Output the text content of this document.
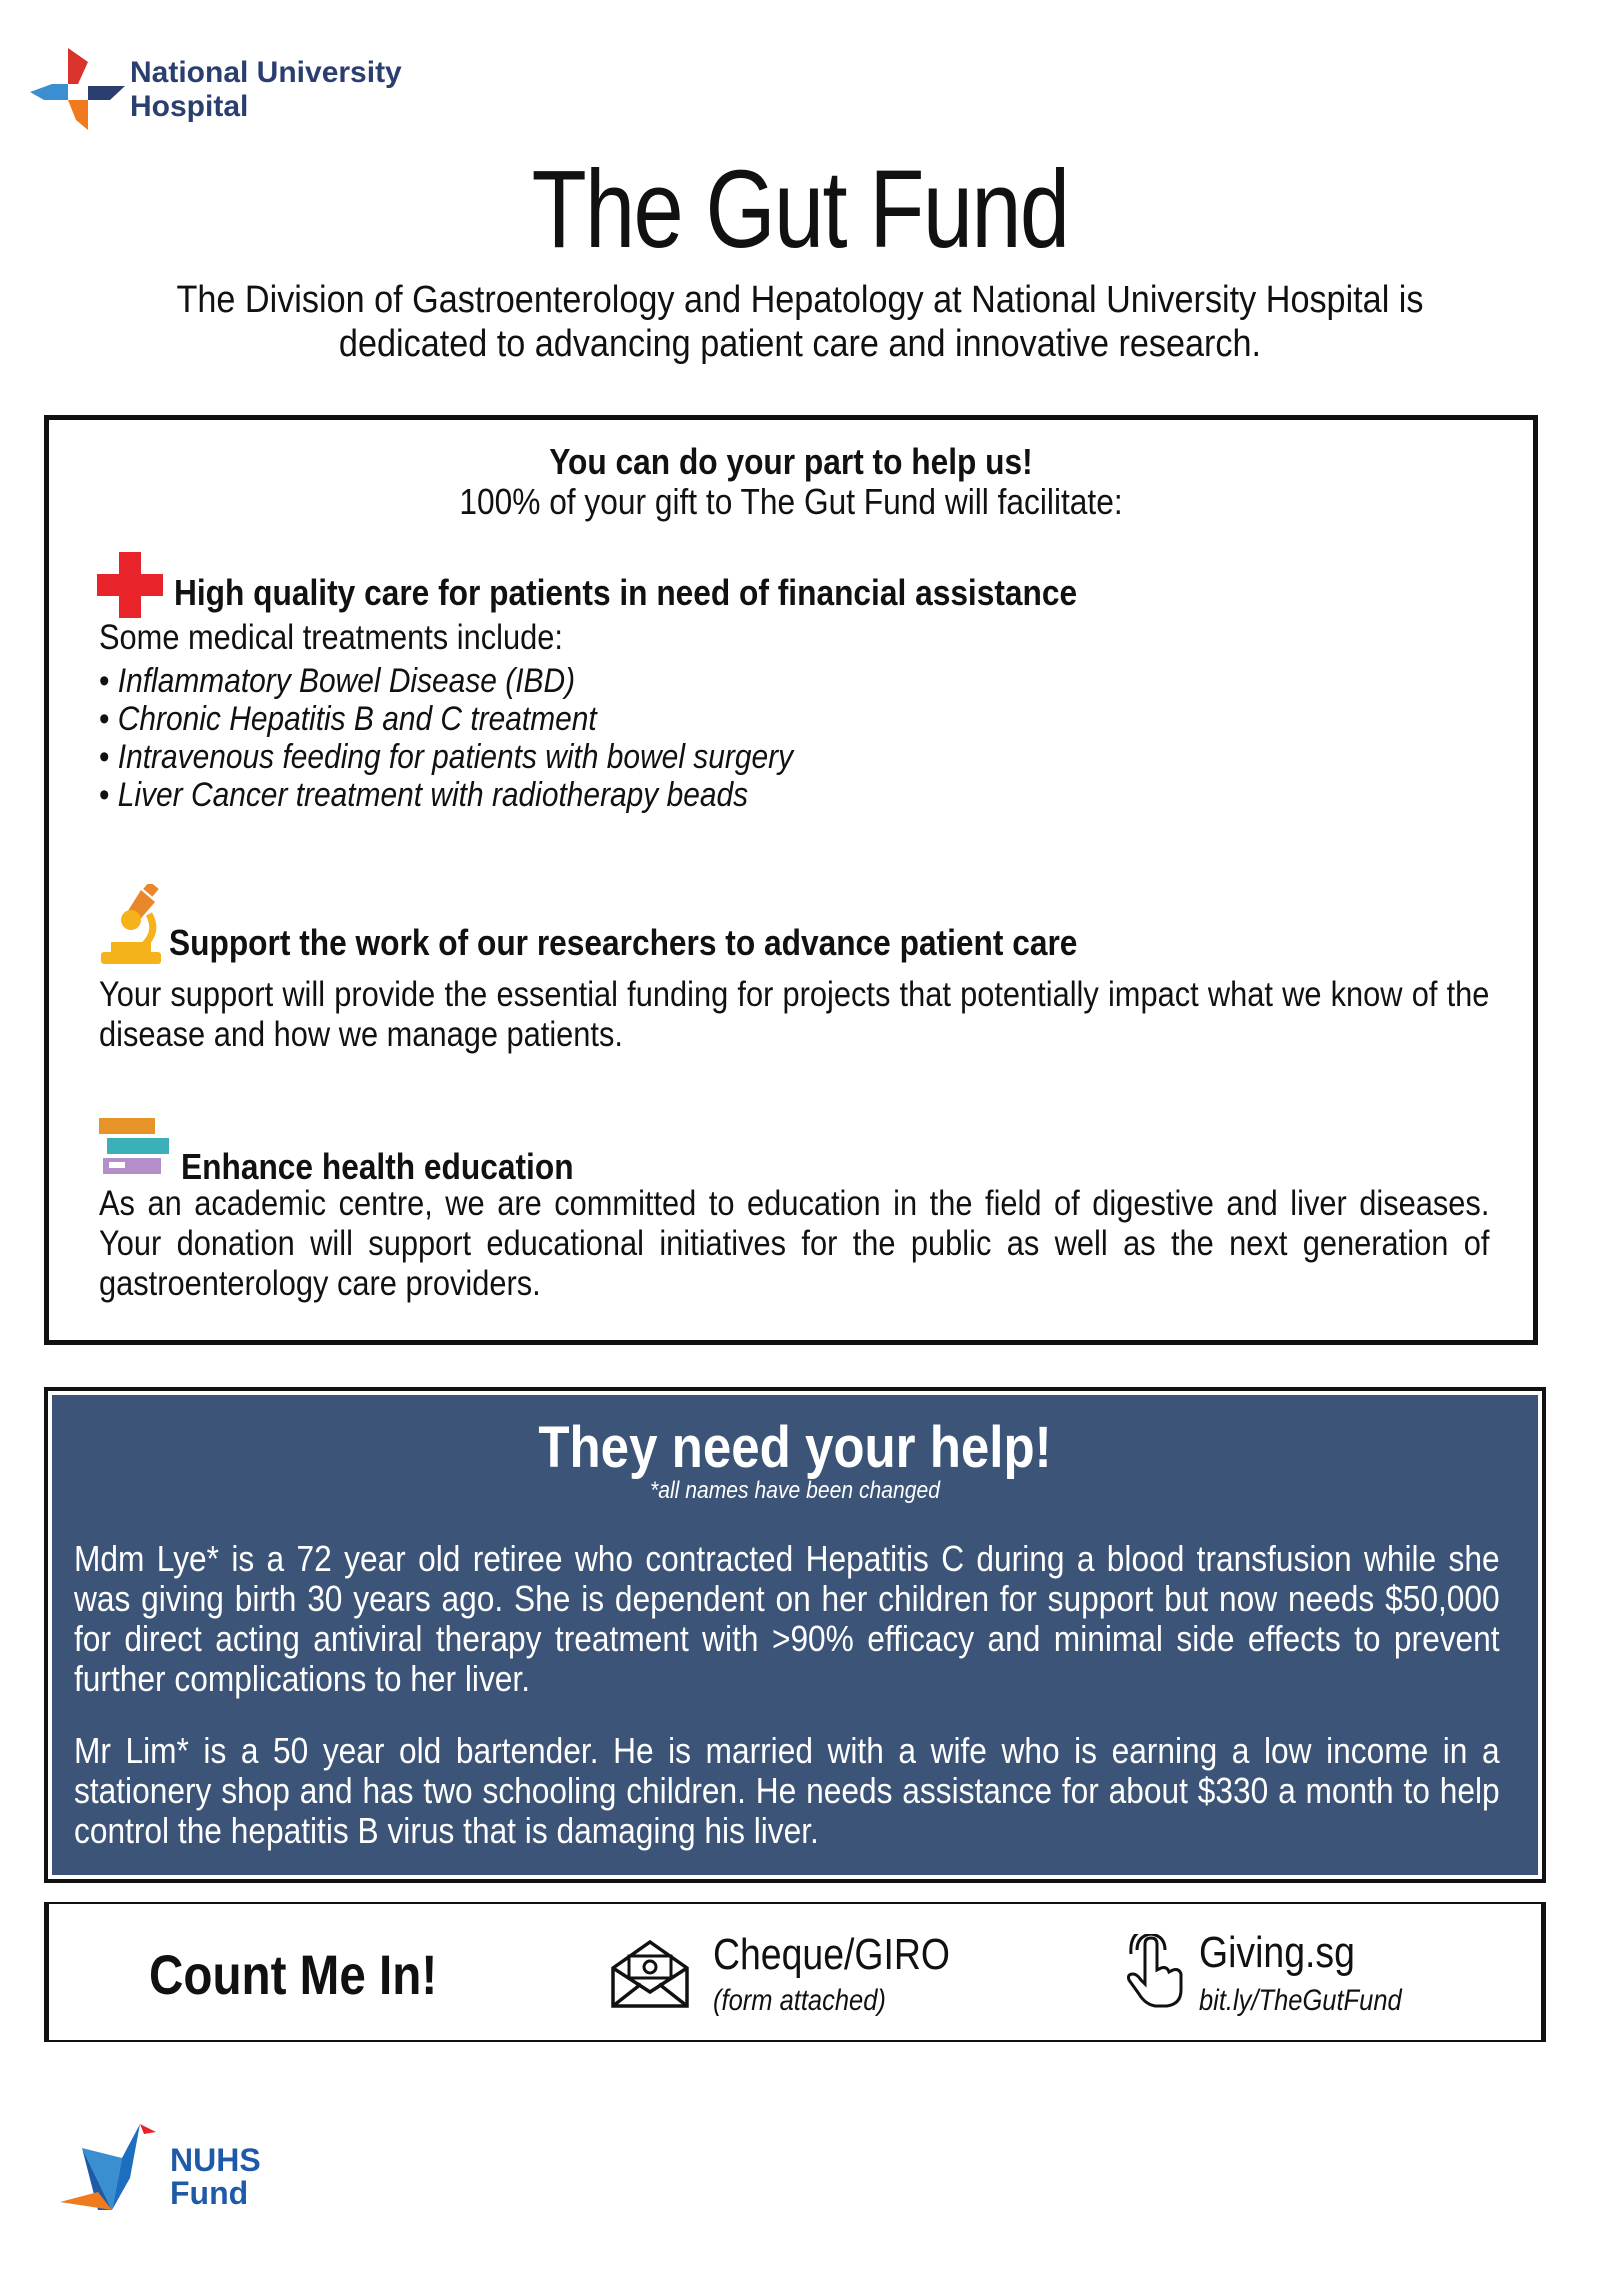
National University
Hospital
The Gut Fund
The Division of Gastroenterology and Hepatology at National University Hospital is dedicated to advancing patient care and innovative research.
You can do your part to help us!
100% of your gift to The Gut Fund will facilitate:
High quality care for patients in need of financial assistance
Some medical treatments include:
• Inflammatory Bowel Disease (IBD)
• Chronic Hepatitis B and C treatment
• Intravenous feeding for patients with bowel surgery
• Liver Cancer treatment with radiotherapy beads
Support the work of our researchers to advance patient care
Your support will provide the essential funding for projects that potentially impact what we know of the disease and how we manage patients.
Enhance health education
As an academic centre, we are committed to education in the field of digestive and liver diseases. Your donation will support educational initiatives for the public as well as the next generation of gastroenterology care providers.
They need your help!
*all names have been changed
Mdm Lye* is a 72 year old retiree who contracted Hepatitis C during a blood transfusion while she was giving birth 30 years ago. She is dependent on her children for support but now needs $50,000 for direct acting antiviral therapy treatment with >90% efficacy and minimal side effects to prevent further complications to her liver.
Mr Lim* is a 50 year old bartender. He is married with a wife who is earning a low income in a stationery shop and has two schooling children. He needs assistance for about $330 a month to help control the hepatitis B virus that is damaging his liver.
Count Me In!	Cheque/GIRO
(form attached)
Giving.sg
bit.ly/TheGutFund
NUHS
Fund
